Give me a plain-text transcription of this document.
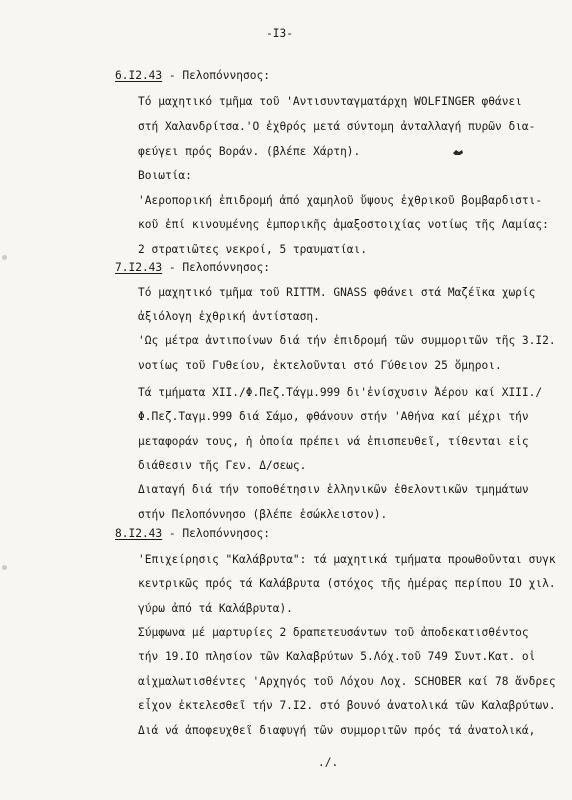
-I3-
6.I2.43 - Πελοπόννησος:
Τό μαχητικό τμῆμα τοῦ 'Αντισυνταγματάρχη WOLFINGER φθάνει
στή Χαλανδρίτσα.'Ο ἐχθρός μετά σύντομη ἀνταλλαγή πυρῶν δια-
φεύγει πρός Βοράν. (βλέπε Χάρτη).
Βοιωτία:
'Αεροπορική ἐπιδρομή ἀπό χαμηλοῦ ὕψους ἐχθρικοῦ βομβαρδιστι-
κοῦ ἐπί κινουμένης ἐμπορικῆς ἁμαξοστοιχίας νοτίως τῆς Λαμίας:
2 στρατιῶτες νεκροί, 5 τραυματίαι.
7.I2.43 - Πελοπόννησος:
Τό μαχητικό τμῆμα τοῦ RITTM. GNASS φθάνει στά Μαζέϊκα χωρίς
ἀξιόλογη ἐχθρική ἀντίσταση.
'Ως μέτρα ἀντιποίνων διά τήν ἐπιδρομή τῶν συμμοριτῶν τῆς 3.I2.
νοτίως τοῦ Γυθείου, ἐκτελοῦνται στό Γύθειον 25 ὅμηροι.
Τά τμήματα XII./Φ.Πεζ.Τάγμ.999 δι'ἐνίσχυσιν Ἀέρου καί XIII./
Φ.Πεζ.Ταγμ.999 διά Σάμο, φθάνουν στήν 'Αθήνα καί μέχρι τήν
μεταφοράν τους, ἡ ὁποία πρέπει νά ἐπισπευθεῖ, τίθενται εἰς
διάθεσιν τῆς Γεν. Δ/σεως.
Διαταγή διά τήν τοποθέτησιν ἑλληνικῶν ἐθελοντικῶν τμημάτων
στήν Πελοπόννησο (βλέπε ἐσώκλειστον).
8.I2.43 - Πελοπόννησος:
'Επιχείρησις "Καλάβρυτα": τά μαχητικά τμήματα προωθοῦνται συγκ
κεντρικῶς πρός τά Καλάβρυτα (στόχος τῆς ἡμέρας περίπου IO χιλ.
γύρω ἀπό τά Καλάβρυτα).
Σύμφωνα μέ μαρτυρίες 2 δραπετευσάντων τοῦ ἀποδεκατισθέντος
τήν 19.IO πλησίον τῶν Καλαβρύτων 5.Λόχ.τοῦ 749 Συντ.Κατ. οἱ
αἰχμαλωτισθέντες 'Αρχηγός τοῦ Λόχου Λοχ. SCHOBER καί 78 ἄνδρες
εἶχον ἐκτελεσθεῖ τήν 7.I2. στό βουνό ἀνατολικά τῶν Καλαβρύτων.
Διά νά ἀποφευχθεῖ διαφυγή τῶν συμμοριτῶν πρός τά ἀνατολικά,
./.
